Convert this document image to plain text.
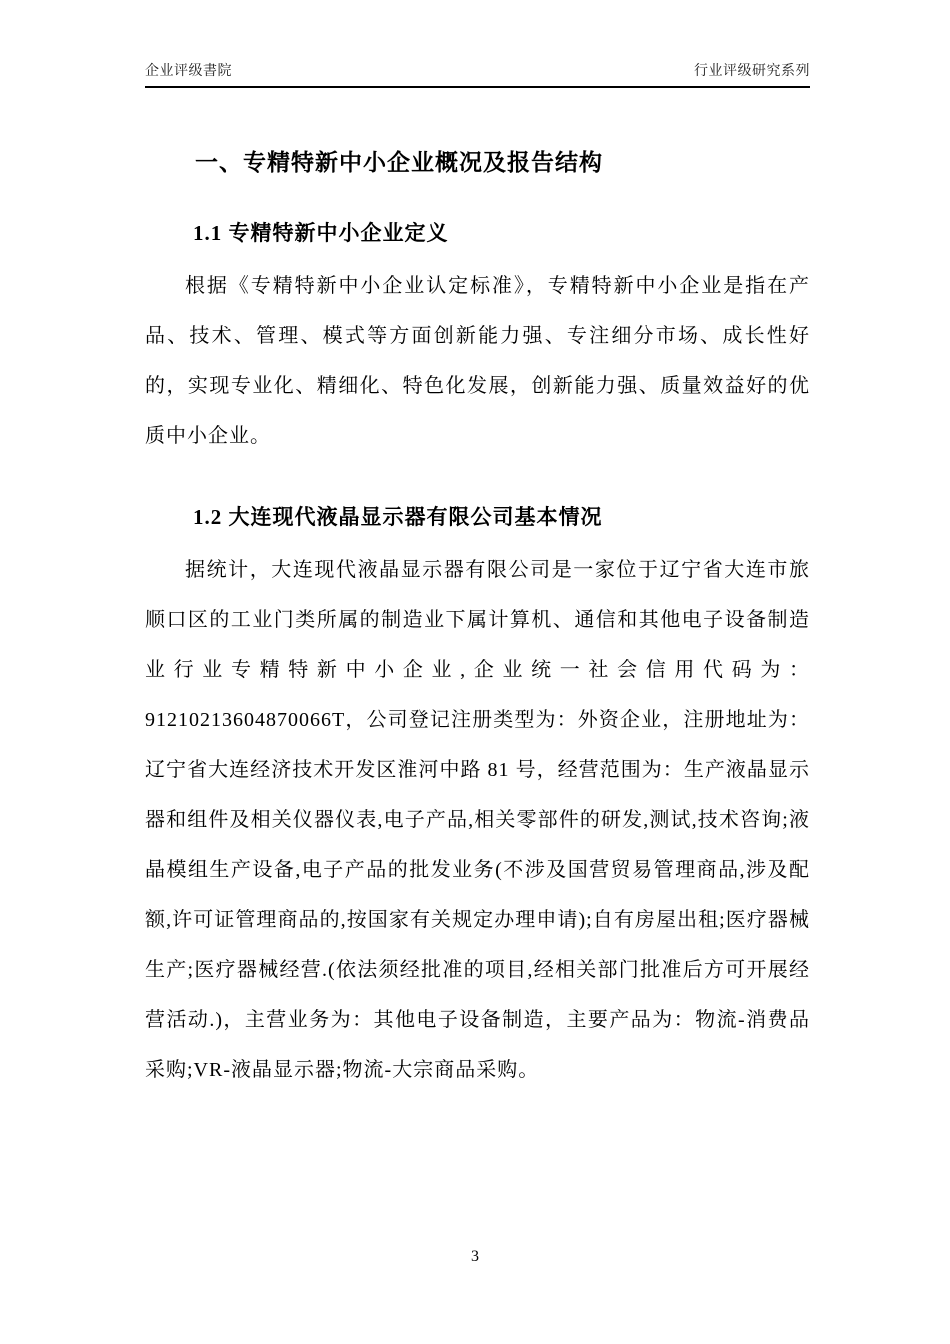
企业评级書院	行业评级研究系列
一、专精特新中小企业概况及报告结构
1.1 专精特新中小企业定义

根据《专精特新中小企业认定标准》，专精特新中小企业是指在产品、技术、管理、模式等方面创新能力强、专注细分市场、成长性好的，实现专业化、精细化、特色化发展，创新能力强、质量效益好的优质中小企业。

1.2 大连现代液晶显示器有限公司基本情况

据统计，大连现代液晶显示器有限公司是一家位于辽宁省大连市旅顺口区的工业门类所属的制造业下属计算机、通信和其他电子设备制造业行业专精特新中小企业,企业统一社会信用代码为：91210213604870066T，公司登记注册类型为：外资企业，注册地址为：辽宁省大连经济技术开发区淮河中路 81 号，经营范围为：生产液晶显示器和组件及相关仪器仪表,电子产品,相关零部件的研发,测试,技术咨询;液晶模组生产设备,电子产品的批发业务(不涉及国营贸易管理商品,涉及配额,许可证管理商品的,按国家有关规定办理申请);自有房屋出租;医疗器械生产;医疗器械经营.(依法须经批准的项目,经相关部门批准后方可开展经营活动.)，主营业务为：其他电子设备制造，主要产品为：物流-消费品采购;VR-液晶显示器;物流-大宗商品采购。

3
